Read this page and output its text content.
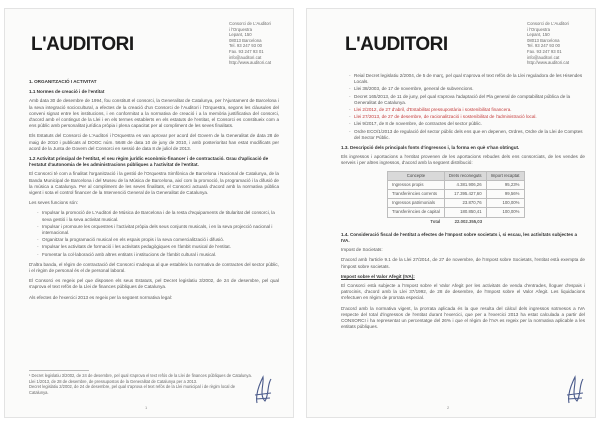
L'AUDITORI
Consorci de L'Auditori
i l'Orquestra
Lepant, 150
08013 Barcelona
Tel. 93 247 93 00
Fax. 93 247 93 01
info@auditori.cat
http://www.auditori.cat
1. ORGANITZACIÓ I ACTIVITAT
1.1 Normes de creació i de l'entitat

Amb data 30 de desembre de 1994, fou constituït el consorci, la Generalitat de Catalunya, per l'Ajuntament de Barcelona i la seva integració sociocultural, a efectes de la creació d'un Consorci de l'Auditori i l'Orquestra, segons les clàusules del conveni signat entre les institucions, i en conformitat a la normativa de creació i a la memòria justificativa del consorci, d'acord amb el contingut de la Llei i en els termes establerts en els estatuts de l'entitat, el Consorci es constitueix com a ens públic amb personalitat jurídica pròpia i plena capacitat per al compliment de les seves finalitats.

Els Estatuts del Consorci de L'Auditori i l'Orquestra es van aprovar per acord del Govern de la Generalitat de data 28 de maig de 2010 i publicats al DOGC núm. 5648 de data 10 de juny de 2010, i amb posterioritat han estat modificats per acord de la Junta de Govern del Consorci en sessió de data 8 de juliol de 2013.

1.2 Activitat principal de l'entitat, el seu règim jurídic econòmic-financer i de contractació. Grau d'aplicació de l'estatut d'autonomia de les administracions públiques a l'activitat de l'entitat.

El Consorci té com a finalitat l'organització i la gestió de l'Orquestra Simfònica de Barcelona i Nacional de Catalunya, de la Banda Municipal de Barcelona i del Museu de la Música de Barcelona, així com la promoció, la programació i la difusió de la música a Catalunya. Per al compliment de les seves finalitats, el Consorci actuarà d'acord amb la normativa pública vigent i sota el control financer de la Intervenció General de la Generalitat de Catalunya.

Les seves funcions són:

- Impulsar la promoció de L'Auditori de Música de Barcelona i de la resta d'equipaments de titularitat del consorci, la seva gestió i la seva activitat musical.
- Impulsar i promoure les orquestres i l'activitat pròpia dels seus conjunts musicals, i en la seva projecció nacional i internacional.
- Organitzar la programació musical en els espais propis i la seva comercialització i difusió.
- Impulsar les activitats de formació i les activitats pedagògiques en l'àmbit musical de l'entitat.
- Fomentar la col·laboració amb altres entitats i institucions de l'àmbit cultural i musical.

D'altra banda, el règim de contractació del Consorci s'adequa al que estableix la normativa de contractes del sector públic, i el règim de personal és el de personal laboral.

El Consorci es regeix pel que disposen els seus Estatuts, pel Decret legislatiu 3/2002, de 24 de desembre, pel qual s'aprova el text refós de la Llei de finances públiques de Catalunya.

Als efectes de l'exercici 2013 es regeix per la següent normativa legal:

¹ Decret legislatiu 3/2002, de 24 de desembre, pel qual s'aprova el text refós de la Llei de finances públiques de Catalunya.
Llei 1/2013, de 28 de desembre, de pressupostos de la Generalitat de Catalunya per a 2013.
Decret legislatiu 2/2002, de 24 de desembre, pel qual s'aprova el text refós de la Llei municipal i de règim local de Catalunya.
1
L'AUDITORI
Consorci de L'Auditori
i l'Orquestra
Lepant, 150
08013 Barcelona
Tel. 93 247 93 00
Fax. 93 247 93 01
info@auditori.cat
http://www.auditori.cat
- Reial Decret legislatiu 2/2004, de 5 de març, pel qual s'aprova el text refós de la Llei reguladora de les Hisendes Locals.
- Llei 38/2003, de 17 de novembre, general de subvencions.
- Decret 165/2013, de 11 de juny, pel qual s'aprova l'adaptació del Pla general de comptabilitat pública de la Generalitat de Catalunya.
- Llei 2/2012, de 27 d'abril, d'Estabilitat pressupostària i sostenibilitat financera.
- Llei 27/2013, de 27 de desembre, de racionalització i sostenibilitat de l'administració local.
- Llei 9/2017, de 8 de novembre, de contractes del sector públic.
- Ordre ECO/1/2013 de regulació del sector públic dels ens que en depenen, Ordres, Ordre de la Llei de Comptes del Sector Públic.
1.3. Descripció dels principals fonts d'ingressos i, la forma en què s'han obtingut.

Els ingressos i aportacions a l'entitat provenen de les aportacions rebudes dels ens consorciats, de les vendes de serveis i per altres ingressos, d'acord amb la següent distribució:

Concepte	Drets reconeguts	Import recaptat
Ingressos propis	4.381.906,26	95,23%
Transferències corrents	17.395.427,60	99,56%
Ingressos patrimonials	23.870,76	100,00%
Transferències de capital	180.850,41	100,00%
Total	22.002.355,03	
1.4. Consideració fiscal de l'entitat a efectes de l'Impost sobre societats i, si escau, les activitats subjectes a IVA.

Impost de Societats:

D'acord amb l'article 9.1 de la Llei 27/2014, de 27 de novembre, de l'Impost sobre Societats, l'entitat està exempta de l'impost sobre societats.

Impost sobre el Valor Afegit (IVA):

El Consorci està subjecte a l'Impost sobre el Valor Afegit per les activitats de venda d'entrades, lloguer d'espais i patrocinis, d'acord amb la Llei 37/1992, de 28 de desembre, de l'Impost sobre el Valor Afegit. Les liquidacions s'efectuen en règim de prorrata especial.

D'acord amb la normativa vigent, la prorrata aplicada és la que resulta del càlcul dels ingressos sotmesos a IVA respecte del total d'ingressos de l'entitat durant l'exercici, que per a l'exercici 2013 ha estat calculada a partir del CONSORCI i ha representat un percentatge del 26% i que el règim de l'IVA es regeix per la normativa aplicable a les entitats públiques.

2
